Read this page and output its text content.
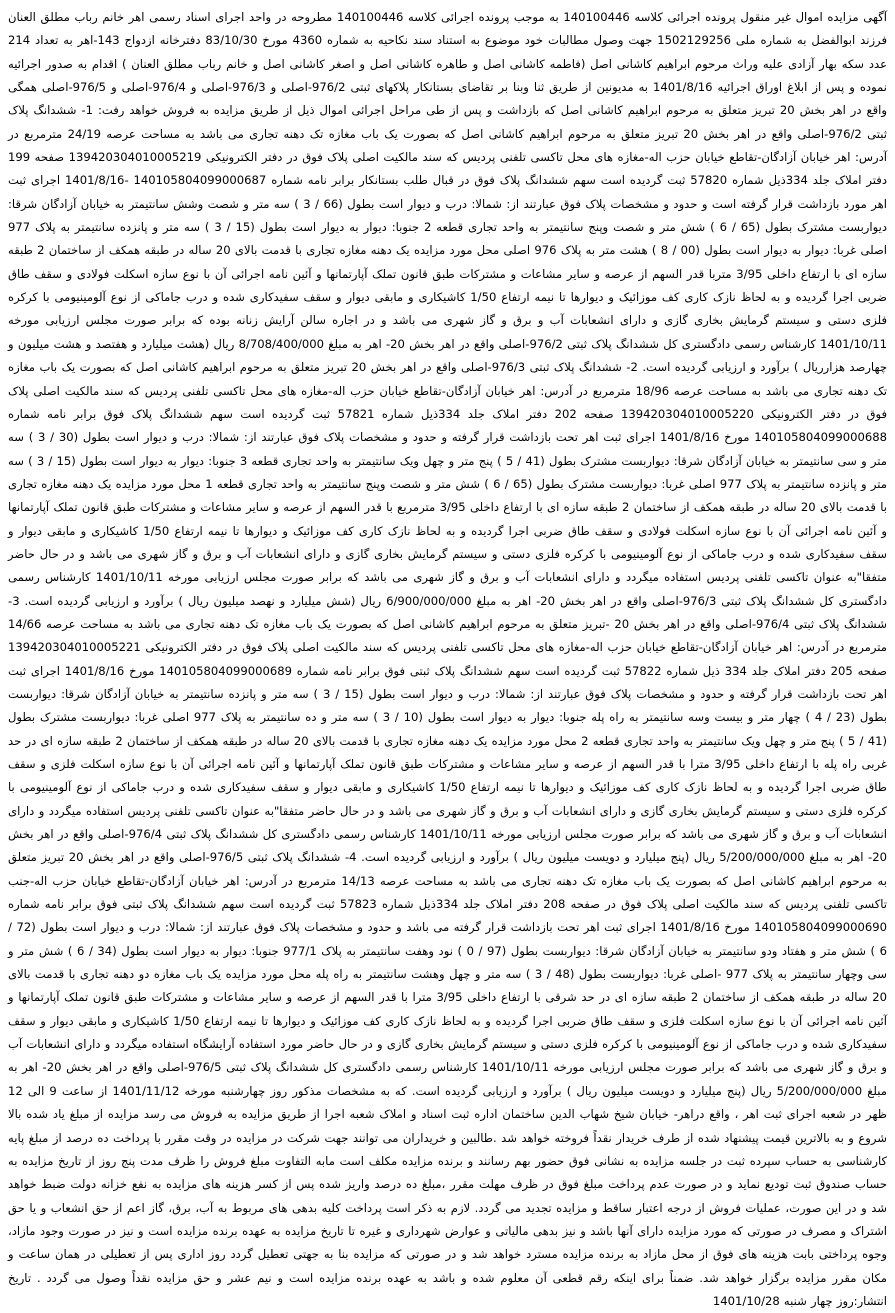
آگهی مزایده اموال غیر منقول پرونده اجرائی کلاسه 140100446 به موجب پرونده اجرائی کلاسه 140100446 مطروحه در واحد اجرای اسناد رسمی اهر خانم رباب مطلق العنان فرزند ابوالفضل به شماره ملی 1502129256 جهت وصول مطالبات خود موضوع به استناد سند نکاحیه به شماره 4360 مورخ 83/10/30 دفترخانه ازدواج 143-اهر به تعداد 214 عدد سکه بهار آزادی علیه وراث مرحوم ابراهیم کاشانی اصل (فاطمه کاشانی اصل و طاهره کاشانی اصل و اصغر کاشانی اصل و خانم رباب مطلق العنان ) اقدام به صدور اجرائیه نموده و پس از ابلاغ اوراق اجرائیه 1401/8/16 به مدیونین از طریق ثنا وبنا بر تقاضای بستانکار پلاکهای ثبتی 976/2-اصلی و 976/3-اصلی و 976/4-اصلی و 976/5-اصلی همگی واقع در اهر بخش 20 تبریز متعلق به مرحوم ابراهیم کاشانی اصل که بازداشت و پس از طی مراحل اجرائی اموال ذیل از طریق مزایده به فروش خواهد رفت: 1- ششدانگ پلاک ثبتی 976/2-اصلی واقع در اهر بخش 20 تبریز متعلق به مرحوم ابراهیم کاشانی اصل که بصورت یک باب مغازه تک دهنه تجاری می باشد به مساحت عرصه 24/19 مترمربع در آدرس: اهر خیابان آزادگان-تقاطع خیابان حزب اله-مغازه های محل تاکسی تلفنی پردیس که سند مالکیت اصلی پلاک فوق در دفتر الکترونیکی 139420304010005219 صفحه 199 دفتر املاک جلد 334ذیل شماره 57820 ثبت گردیده است سهم ششدانگ پلاک فوق در قبال طلب بستانکار برابر نامه شماره 140105804099000687 -1401/8/16 اجرای ثبت اهر مورد بازداشت قرار گرفته است و حدود و مشخصات پلاک فوق عبارتند از: شمالا: درب و دیوار است بطول (66 / 3 ) سه متر و شصت وشش سانتیمتر به خیابان آزادگان شرقا: دیواربست مشترک بطول (65 / 6 ) شش متر و شصت وپنج سانتیمتر به واحد تجاری قطعه 2 جنوبا: دیوار به دیوار است بطول (15 / 3 ) سه متر و پانزده سانتیمتر به پلاک 977 اصلی غربا: دیوار به دیوار است بطول (00 / 8 ) هشت متر به پلاک 976 اصلی محل مورد مزایده یک دهنه مغازه تجاری با قدمت بالای 20 ساله در طبقه همکف از ساختمان 2 طبقه سازه ای با ارتفاع داخلی 3/95 متربا قدر السهم از عرصه و سایر مشاعات و مشترکات طبق قانون تملک آپارتمانها و آئین نامه اجرائی آن با نوع سازه اسکلت فولادی و سقف طاق ضربی اجرا گردیده و به لحاظ نازک کاری کف موزائیک و دیوارها تا نیمه ارتفاع 1/50 کاشیکاری و مابقی دیوار و سقف سفیدکاری شده و درب جاماکی از نوع آلومینیومی با کرکره فلزی دستی و سیستم گرمایش بخاری گازی و دارای انشعابات آب و برق و گاز شهری می باشد و در اجاره سالن آرایش زنانه بوده که برابر صورت مجلس ارزیابی مورخه 1401/10/11 کارشناس رسمی دادگستری کل ششدانگ پلاک ثبتی 976/2-اصلی واقع در اهر بخش 20- اهر به مبلغ 8/708/400/000 ریال (هشت میلیارد و هفتصد و هشت میلیون و چهارصد هزارریال ) برآورد و ارزیابی گردیده است. 2- ششدانگ پلاک ثبتی 976/3-اصلی واقع در اهر بخش 20 تبریز متعلق به مرحوم ابراهیم کاشانی اصل که بصورت یک باب مغازه تک دهنه تجاری می باشد به مساحت عرصه 18/96 مترمربع در آدرس: اهر خیابان آزادگان-تقاطع خیابان حزب اله-مغازه های محل تاکسی تلفنی پردیس که سند مالکیت اصلی پلاک فوق در دفتر الکترونیکی 139420304010005220 صفحه 202 دفتر املاک جلد 334ذیل شماره 57821 ثبت گردیده است سهم ششدانگ پلاک فوق برابر نامه شماره 140105804099000688 مورخ 1401/8/16 اجرای ثبت اهر تحت بازداشت قرار گرفته و حدود و مشخصات پلاک فوق عبارتند از: شمالا: درب و دیوار است بطول (30 / 3 ) سه متر و سی سانتیمتر به خیابان آزادگان شرقا: دیواربست مشترک بطول (41 / 5 ) پنج متر و چهل ویک سانتیمتر به واحد تجاری قطعه 3 جنوبا: دیوار به دیوار است بطول (15 / 3 ) سه متر و پانزده سانتیمتر به پلاک 977 اصلی غربا: دیواربست مشترک بطول (65 / 6 ) شش متر و شصت وپنج سانتیمتر به واحد تجاری قطعه 1 محل مورد مزایده یک دهنه مغازه تجاری با قدمت بالای 20 ساله در طبقه همکف از ساختمان 2 طبقه سازه ای با ارتفاع داخلی 3/95 مترمربع با قدر السهم از عرصه و سایر مشاعات و مشترکات طبق قانون تملک آپارتمانها و آئین نامه اجرائی آن با نوع سازه اسکلت فولادی و سقف طاق ضربی اجرا گردیده و به لحاظ نازک کاری کف موزائیک و دیوارها تا نیمه ارتفاع 1/50 کاشیکاری و مابقی دیوار و سقف سفیدکاری شده و درب جاماکی از نوع آلومینیومی با کرکره فلزی دستی و سیستم گرمایش بخاری گازی و دارای انشعابات آب و برق و گاز شهری می باشد و در حال حاضر متفقا"به عنوان تاکسی تلفنی پردیس استفاده میگردد و دارای انشعابات آب و برق و گاز شهری می باشد که برابر صورت مجلس ارزیابی مورخه 1401/10/11 کارشناس رسمی دادگستری کل ششدانگ پلاک ثبتی 976/3-اصلی واقع در اهر بخش 20- اهر به مبلغ 6/900/000/000 ریال (شش میلیارد و نهصد میلیون ریال ) برآورد و ارزیابی گردیده است. 3- ششدانگ پلاک ثبتی 976/4-اصلی واقع در اهر بخش 20 -تبریز متعلق به مرحوم ابراهیم کاشانی اصل که بصورت یک باب مغازه تک دهنه تجاری می باشد به مساحت عرصه 14/66 مترمربع در آدرس: اهر خیابان آزادگان-تقاطع خیابان حزب اله-مغازه های محل تاکسی تلفنی پردیس که سند مالکیت اصلی پلاک فوق در دفتر الکترونیکی 139420304010005221 صفحه 205 دفتر املاک جلد 334 ذیل شماره 57822 ثبت گردیده است سهم ششدانگ پلاک ثبتی فوق برابر نامه شماره 140105804099000689 مورخ 1401/8/16 اجرای ثبت اهر تحت بازداشت قرار گرفته و حدود و مشخصات پلاک فوق عبارتند از: شمالا: درب و دیوار است بطول (15 / 3 ) سه متر و پانزده سانتیمتر به خیابان آزادگان شرقا: دیواربست بطول (23 / 4 ) چهار متر و بیست وسه سانتیمتر به راه پله جنوبا: دیوار به دیوار است بطول (10 / 3 ) سه متر و ده سانتیمتر به پلاک 977 اصلی غربا: دیواربست مشترک بطول (41 / 5 ) پنج متر و چهل ویک سانتیمتر به واحد تجاری قطعه 2 محل مورد مزایده یک دهنه مغازه تجاری با قدمت بالای 20 ساله در طبقه همکف از ساختمان 2 طبقه سازه ای در حد غربی راه پله با ارتفاع داخلی 3/95 مترا با قدر السهم از عرصه و سایر مشاعات و مشترکات طبق قانون تملک آپارتمانها و آئین نامه اجرائی آن با نوع سازه اسکلت فلزی و سقف طاق ضربی اجرا گردیده و به لحاظ نازک کاری کف موزائیک و دیوارها تا نیمه ارتفاع 1/50 کاشیکاری و مابقی دیوار و سقف سفیدکاری شده و درب جاماکی از نوع آلومینیومی با کرکره فلزی دستی و سیستم گرمایش بخاری گازی و دارای انشعابات آب و برق و گاز شهری می باشد و در حال حاضر متفقا"به عنوان تاکسی تلفنی پردیس استفاده میگردد و دارای انشعابات آب و برق و گاز شهری می باشد که برابر صورت مجلس ارزیابی مورخه 1401/10/11 کارشناس رسمی دادگستری کل ششدانگ پلاک ثبتی 976/4-اصلی واقع در اهر بخش 20- اهر به مبلغ 5/200/000/000 ریال (پنج میلیارد و دویست میلیون ریال ) برآورد و ارزیابی گردیده است. 4- ششدانگ پلاک ثبتی 976/5-اصلی واقع در اهر بخش 20 تبریز متعلق به مرحوم ابراهیم کاشانی اصل که بصورت یک باب مغازه تک دهنه تجاری می باشد به مساحت عرصه 14/13 مترمربع در آدرس: اهر خیابان آزادگان-تقاطع خیابان حزب اله-جنب تاکسی تلفنی پردیس که سند مالکیت اصلی پلاک فوق در صفحه 208 دفتر املاک جلد 334ذیل شماره 57823 ثبت گردیده است سهم ششدانگ پلاک ثبتی فوق برابر نامه شماره 140105804099000690 مورخ 1401/8/16 اجرای ثبت اهر تحت بازداشت قرار گرفته می باشد و حدود و مشخصات پلاک فوق عبارتند از: شمالا: درب و دیوار است بطول (72 / 6 ) شش متر و هفتاد ودو سانتیمتر به خیابان آزادگان شرقا: دیواربست بطول (97 / 0 ) نود وهفت سانتیمتر به پلاک 977/1 جنوبا: دیوار به دیوار است بطول (34 / 6 ) شش متر و سی وچهار سانتیمتر به پلاک 977 -اصلی غربا: دیواربست بطول (48 / 3 ) سه متر و چهل وهشت سانتیمتر به راه پله محل مورد مزایده یک باب مغازه دو دهنه تجاری با قدمت بالای 20 ساله در طبقه همکف از ساختمان 2 طبقه سازه ای در حد شرقی با ارتفاع داخلی 3/95 مترا با قدر السهم از عرصه و سایر مشاعات و مشترکات طبق قانون تملک آپارتمانها و آئین نامه اجرائی آن با نوع سازه اسکلت فلزی و سقف طاق ضربی اجرا گردیده و به لحاظ نازک کاری کف موزائیک و دیوارها تا نیمه ارتفاع 1/50 کاشیکاری و مابقی دیوار و سقف سفیدکاری شده و درب جاماکی از نوع آلومینیومی با کرکره فلزی دستی و سیستم گرمایش بخاری گازی و در حال حاضر مورد استفاده آرایشگاه استفاده میگردد و دارای انشعابات آب و برق و گاز شهری می باشد که برابر صورت مجلس ارزیابی مورخه 1401/10/11 کارشناس رسمی دادگستری کل ششدانگ پلاک ثبتی 976/5-اصلی واقع در اهر بخش 20- اهر به مبلغ 5/200/000/000 ریال (پنج میلیارد و دویست میلیون ریال ) برآورد و ارزیابی گردیده است. که به مشخصات مذکور روز چهارشنبه مورخه 1401/11/12 از ساعت 9 الی 12 ظهر در شعبه اجرای ثبت اهر ، واقع دراهر- خیابان شیخ شهاب الدین ساختمان اداره ثبت اسناد و املاک شعبه اجرا از طریق مزایده به فروش می رسد مزایده از مبلغ یاد شده بالا شروع و به بالاترین قیمت پیشنهاد شده از طرف خریدار نقداً فروخته خواهد شد .طالبین و خریداران می توانند جهت شرکت در مزایده در وقت مقرر با پرداخت ده درصد از مبلغ پایه کارشناسی به حساب سپرده ثبت در جلسه مزایده به نشانی فوق حضور بهم رسانند و برنده مزایده مکلف است مابه التفاوت مبلغ فروش را ظرف مدت پنج روز از تاریخ مزایده به حساب صندوق ثبت تودیع نماید و در صورت عدم پرداخت مبلغ فوق در ظرف مهلت مقرر ،مبلغ ده درصد واریز شده پس از کسر هزینه های مزایده به نفع خزانه دولت ضبط خواهد شد و در این صورت، عملیات فروش از درجه اعتبار ساقط و مزایده تجدید می گردد. لازم به ذکر است پرداخت کلیه بدهی های مربوط به آب، برق، گاز اعم از حق انشعاب و یا حق اشتراک و مصرف در صورتی که مورد مزایده دارای آنها باشد و نیز بدهی مالیاتی و عوارض شهرداری و غیره تا تاریخ مزایده به عهده برنده مزایده است و نیز در صورت وجود مازاد، وجوه پرداختی بابت هزینه های فوق از محل مازاد به برنده مزایده مسترد خواهد شد و در صورتی که مزایده بنا به جهتی تعطیل گردد روز اداری پس از تعطیلی در همان ساعت و مکان مقرر مزایده برگزار خواهد شد. ضمناً برای اینکه رقم قطعی آن معلوم شده و باشد به عهده برنده مزایده است و نیم عشر و حق مزایده نقداً وصول می گردد . تاریخ انتشار:روز چهار شنبه 1401/10/28
